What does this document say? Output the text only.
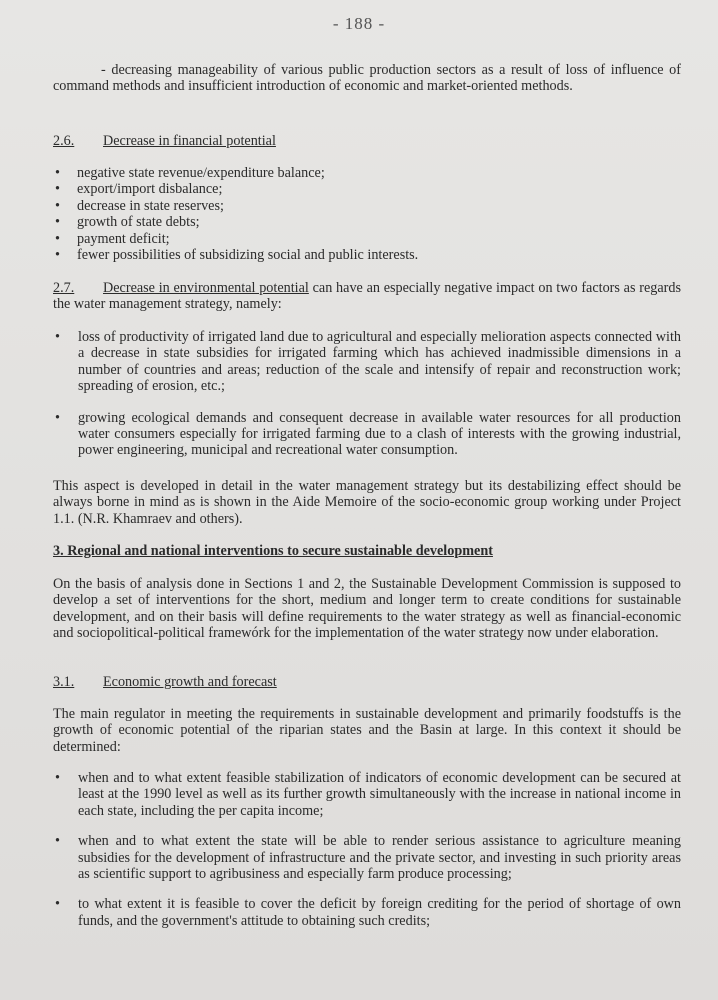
- 188 -
- decreasing manageability of various public production sectors as a result of loss of influence of command methods and insufficient introduction of economic and market-oriented methods.
2.6. Decrease in financial potential
• negative state revenue/expenditure balance;
• export/import disbalance;
• decrease in state reserves;
• growth of state debts;
• payment deficit;
• fewer possibilities of subsidizing social and public interests.
2.7. Decrease in environmental potential can have an especially negative impact on two factors as regards the water management strategy, namely:
• loss of productivity of irrigated land due to agricultural and especially melioration aspects connected with a decrease in state subsidies for irrigated farming which has achieved inadmissible dimensions in a number of countries and areas; reduction of the scale and intensify of repair and reconstruction work; spreading of erosion, etc.;
• growing ecological demands and consequent decrease in available water resources for all production water consumers especially for irrigated farming due to a clash of interests with the growing industrial, power engineering, municipal and recreational water consumption.
This aspect is developed in detail in the water management strategy but its destabilizing effect should be always borne in mind as is shown in the Aide Memoire of the socio-economic group working under Project 1.1. (N.R. Khamraev and others).
3. Regional and national interventions to secure sustainable development
On the basis of analysis done in Sections 1 and 2, the Sustainable Development Commission is supposed to develop a set of interventions for the short, medium and longer term to create conditions for sustainable development, and on their basis will define requirements to the water strategy as well as financial-economic and sociopolitical-political framewórk for the implementation of the water strategy now under elaboration.
3.1. Economic growth and forecast
The main regulator in meeting the requirements in sustainable development and primarily foodstuffs is the growth of economic potential of the riparian states and the Basin at large. In this context it should be determined:
• when and to what extent feasible stabilization of indicators of economic development can be secured at least at the 1990 level as well as its further growth simultaneously with the increase in national income in each state, including the per capita income;
• when and to what extent the state will be able to render serious assistance to agriculture meaning subsidies for the development of infrastructure and the private sector, and investing in such priority areas as scientific support to agribusiness and especially farm produce processing;
• to what extent it is feasible to cover the deficit by foreign crediting for the period of shortage of own funds, and the government's attitude to obtaining such credits;
